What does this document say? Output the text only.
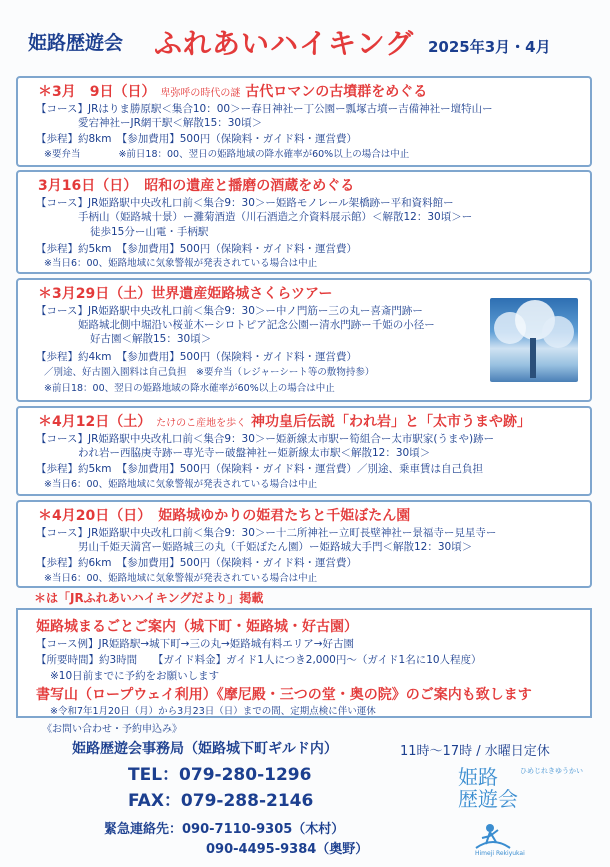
姫路歴遊会 ふれあいハイキング 2025年3月・4月
＊3月　9日（日） 卑弥呼の時代の謎 古代ロマンの古墳群をめぐる
【コース】JRはりま勝原駅＜集合10：00＞ー春日神社ー丁公園ー瓢塚古墳ー吉備神社ー壇特山ー
愛宕神社ーJR網干駅＜解散15：30頃＞
【歩程】約8km　【参加費用】500円（保険料・ガイド料・運営費）
※要弁当　　　　※前日18：00、翌日の姫路地域の降水確率が60%以上の場合は中止
3月16日（日）　 昭和の遺産と播磨の酒蔵をめぐる
【コース】JR姫路駅中央改札口前＜集合9：30＞ー姫路モノレール架橋跡ー平和資料館ー
手柄山（姫路城十景）ー灘菊酒造（川石酒造之介資料展示館）＜解散12：30頃＞ー
徒歩15分ー山電・手柄駅
【歩程】約5km　【参加費用】500円（保険料・ガイド料・運営費）
※当日6：00、姫路地域に気象警報が発表されている場合は中止
＊3月29日（土）世界遺産姫路城さくらツアー
【コース】JR姫路駅中央改札口前＜集合9：30＞ー中ノ門筋ー三の丸ー喜斎門跡ー
姫路城北側中堀沿い桜並木ーシロトピア記念公園ー清水門跡ー千姫の小径ー
好古園＜解散15：30頃＞
【歩程】約4km　【参加費用】500円（保険料・ガイド料・運営費）
／別途、好古園入園料は自己負担　※要弁当（レジャーシート等の敷物持参）
※前日18：00、翌日の姫路地域の降水確率が60%以上の場合は中止
＊4月12日（土） たけのこ産地を歩く 神功皇后伝説「われ岩」と「太市うまや跡」
【コース】JR姫路駅中央改札口前＜集合9：30＞ー姫新線太市駅ー筍組合ー太市駅家(うまや)跡ー
われ岩ー西脇庚寺跡ー専光寺ー破盤神社ー姫新線太市駅＜解散12：30頃＞
【歩程】約5km　【参加費用】500円（保険料・ガイド料・運営費）／別途、乗車賃は自己負担
※当日6：00、姫路地域に気象警報が発表されている場合は中止
＊4月20日（日）　 姫路城ゆかりの姫君たちと千姫ぼたん園
【コース】JR姫路駅中央改札口前＜集合9：30＞ー十二所神社ー立町長壁神社ー景福寺ー見星寺ー
男山千姫天満宮ー姫路城三の丸（千姫ぼたん園）ー姫路城大手門＜解散12：30頃＞
【歩程】約6km　【参加費用】500円（保険料・ガイド料・運営費）
※当日6：00、姫路地域に気象警報が発表されている場合は中止
＊は「JRふれあいハイキングだより」掲載
姫路城まるごとご案内（城下町・姫路城・好古園）
【コース例】JR姫路駅→城下町→三の丸→姫路城有料エリア→好古園
【所要時間】約3時間　　【ガイド料金】ガイド1人につき2,000円〜（ガイド1名に10人程度）
※10日前までに予約をお願いします
書写山（ロープウェイ利用）《摩尼殿・三つの堂・奥の院》のご案内も致します
※令和7年1月20日（月）から3月23日（日）までの間、定期点検に伴い運休
《お問い合わせ・予約申込み》
姫路歴遊会事務局（姫路城下町ギルド内）	11時〜17時 / 水曜日定休
TEL：079-280-1296
FAX：079-288-2146
緊急連絡先：090-7110-9305（木村）
090-4495-9384（奥野）
姫路
歴遊会
ひめじれきゆうかい
Himeji Rekiyukai
